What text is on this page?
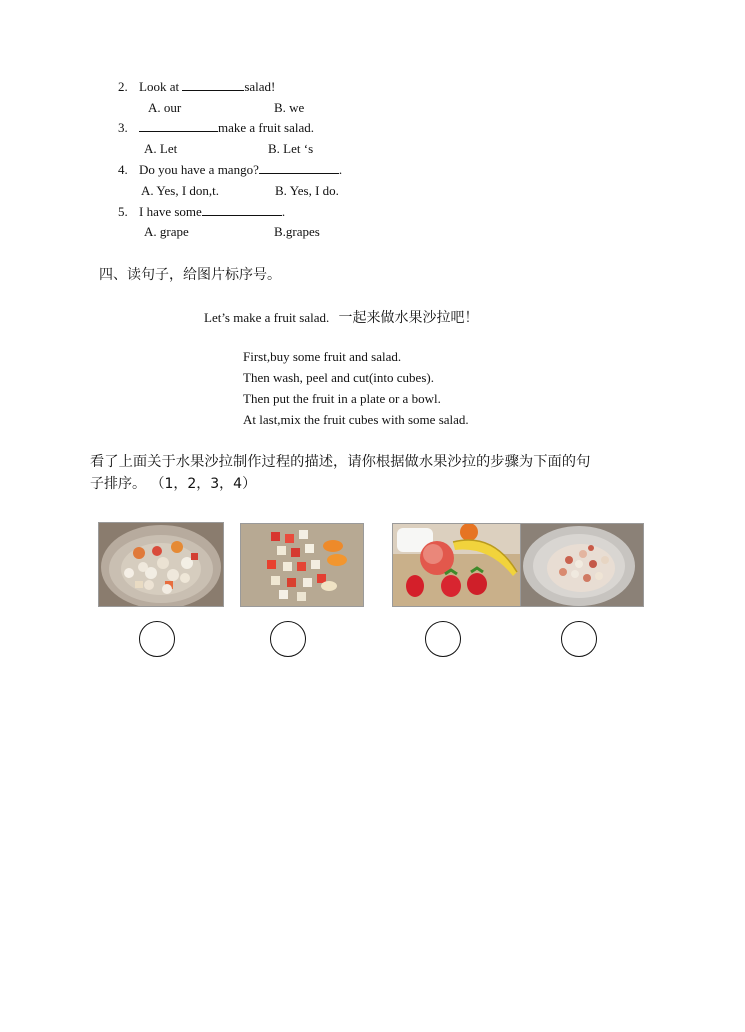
2. Look at	salad!
A. our	B. we
3.	make a fruit salad.
A. Let	B. Let ‘s
4. Do you have a mango?	.
A. Yes, I don,t.	B. Yes, I do.
5. I have some	.
A. grape	B.grapes
四、读句子，给图片标序号。
Let’s make a fruit salad. 一起来做水果沙拉吧！
First,buy some fruit and salad.
Then wash, peel and cut(into cubes).
Then put the fruit in a plate or a bowl.
At last,mix the fruit cubes with some salad.
看了上面关于水果沙拉制作过程的描述，请你根据做水果沙拉的步骤为下面的句
子排序。 （1，2，3，4）
